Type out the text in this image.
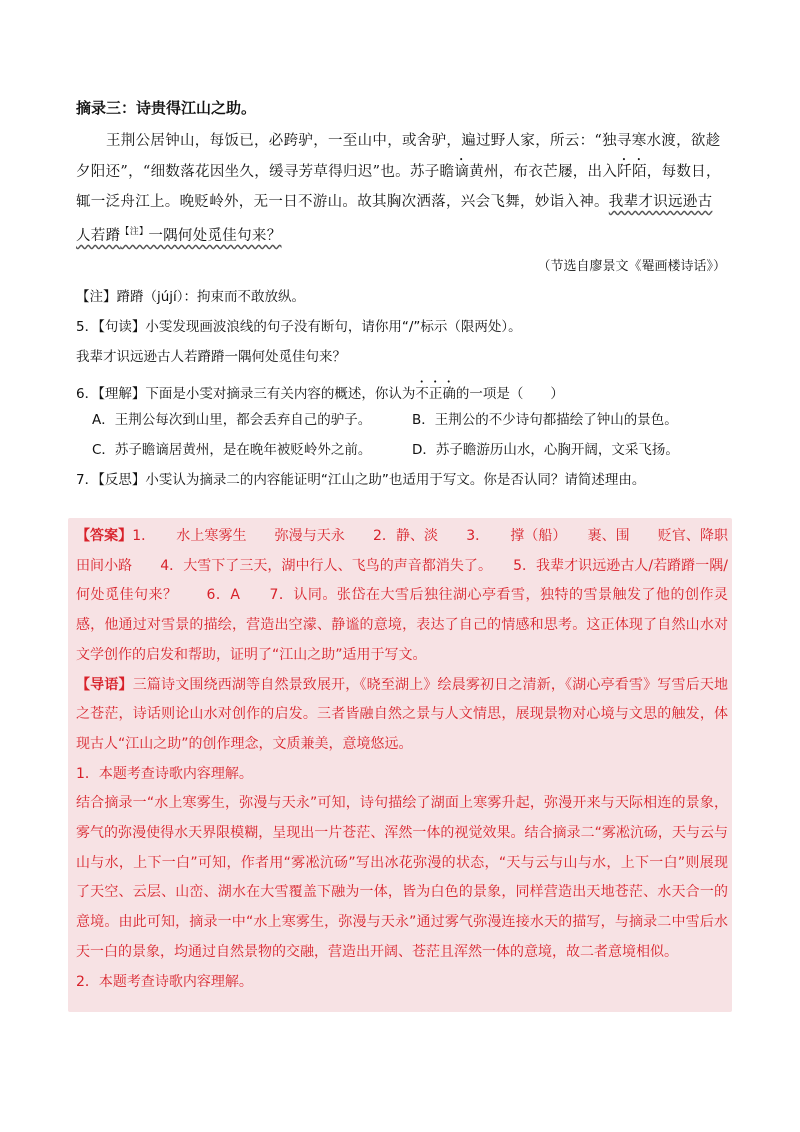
摘录三：诗贵得江山之助。

王荆公居钟山，每饭已，必跨驴，一至山中，或舍驴，遍过野人家，所云：“独寻寒水渡，欲趁夕阳还”，“细数落花因坐久，缓寻芳草得归迟”也。苏子瞻谪黄州，布衣芒屦，出入阡陌，每数日，辄一泛舟江上。晚贬岭外，无一日不游山。故其胸次洒落，兴会飞舞，妙诣入神。我辈才识远逊古人若蹐$^{【注】}$一隅何处觅佳句来？

（节选自廖景文《罨画楼诗话》）
【注】蹐蹐（jújí）：拘束而不敢放纵。
5．【句读】小雯发现画波浪线的句子没有断句，请你用“/”标示（限两处）。
我辈才识远逊古人若蹐蹐一隅何处觅佳句来？
6．【理解】下面是小雯对摘录三有关内容的概述，你认为不正确的一项是（　　）
A．王荆公每次到山里，都会丢弃自己的驴子。	B．王荆公的不少诗句都描绘了钟山的景色。
C．苏子瞻谪居黄州，是在晚年被贬岭外之前。	D．苏子瞻游历山水，心胸开阔，文采飞扬。
7．【反思】小雯认为摘录二的内容能证明“江山之助”也适用于写文。你是否认同？请简述理由。

【答案】1．　　水上寒雾生　　弥漫与天永　　2．静、淡　　3．　　撑（船）　　裹、围　　贬官、降职　　田间小路　　4．大雪下了三天，湖中行人、飞鸟的声音都消失了。　　5．我辈才识远逊古人/若蹐蹐一隅/何处觅佳句来？　　6．A　　7．认同。张岱在大雪后独往湖心亭看雪，独特的雪景触发了他的创作灵感，他通过对雪景的描绘，营造出空濛、静谧的意境，表达了自己的情感和思考。这正体现了自然山水对文学创作的启发和帮助，证明了“江山之助”适用于写文。

【导语】三篇诗文围绕西湖等自然景致展开，《晓至湖上》绘晨雾初日之清新，《湖心亭看雪》写雪后天地之苍茫，诗话则论山水对创作的启发。三者皆融自然之景与人文情思，展现景物对心境与文思的触发，体现古人“江山之助”的创作理念，文质兼美，意境悠远。

1．本题考查诗歌内容理解。

结合摘录一“水上寒雾生，弥漫与天永”可知，诗句描绘了湖面上寒雾升起，弥漫开来与天际相连的景象，雾气的弥漫使得水天界限模糊，呈现出一片苍茫、浑然一体的视觉效果。结合摘录二“雾凇沆砀，天与云与山与水，上下一白”可知，作者用“雾凇沆砀”写出冰花弥漫的状态，“天与云与山与水，上下一白”则展现了天空、云层、山峦、湖水在大雪覆盖下融为一体，皆为白色的景象，同样营造出天地苍茫、水天合一的意境。由此可知，摘录一中“水上寒雾生，弥漫与天永”通过雾气弥漫连接水天的描写，与摘录二中雪后水天一白的景象，均通过自然景物的交融，营造出开阔、苍茫且浑然一体的意境，故二者意境相似。

2．本题考查诗歌内容理解。
